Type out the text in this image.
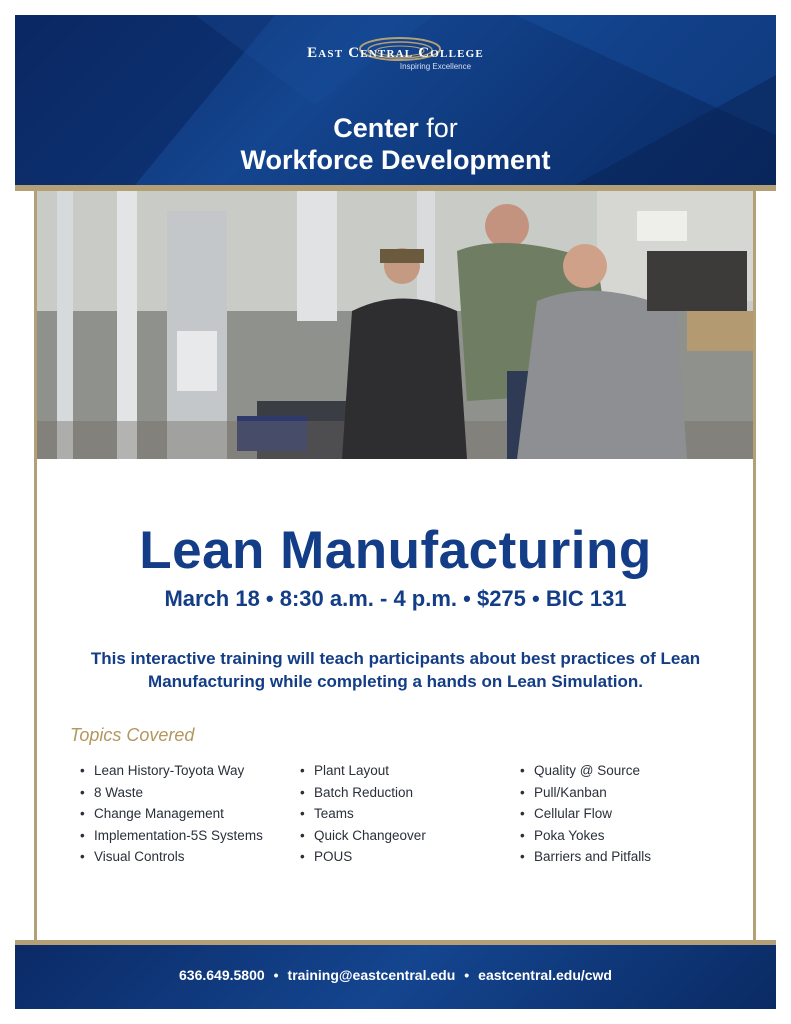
East Central College
Inspiring Excellence
Center for
Workforce Development
Lean Manufacturing
March 18 • 8:30 a.m. - 4 p.m. • $275 • BIC 131
This interactive training will teach participants about best practices of Lean Manufacturing while completing a hands on Lean Simulation.
Topics Covered
• Lean History-Toyota Way
• 8 Waste
• Change Management
• Implementation-5S Systems
• Visual Controls
• Plant Layout
• Batch Reduction
• Teams
• Quick Changeover
• POUS
• Quality @ Source
• Pull/Kanban
• Cellular Flow
• Poka Yokes
• Barriers and Pitfalls
636.649.5800 • training@eastcentral.edu • eastcentral.edu/cwd
